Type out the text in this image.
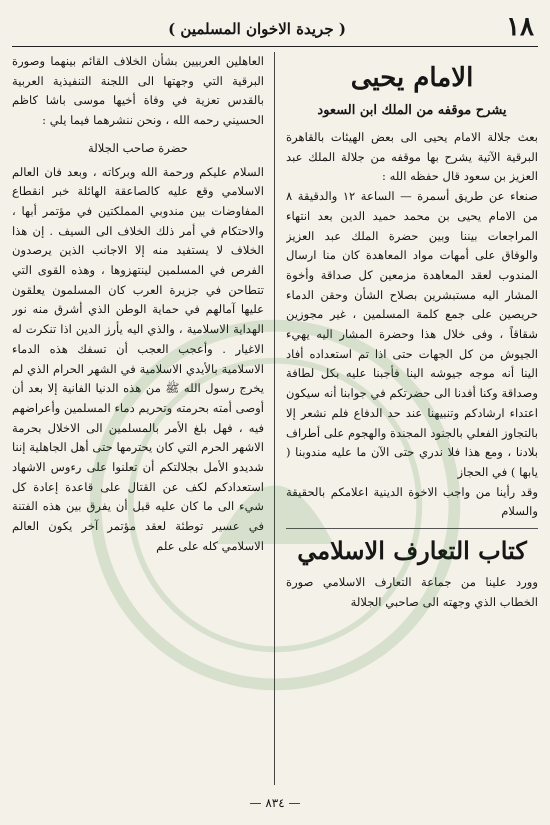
١٨
( جريدة الاخوان المسلمين )
الامام يحيى
يشرح موقفه من الملك ابن السعود

بعث جلالة الامام يحيى الى بعض الهيئات بالقاهرة البرقية الآتية يشرح بها موقفه من جلالة الملك عبد العزيز بن سعود قال حفظه الله :

صنعاء عن طريق أسمرة — الساعة ١٢ والدقيقة ٨ من الامام يحيى بن محمد حميد الدين بعد انتهاء المراجعات بيننا وبين حضرة الملك عبد العزيز والوفاق على أمهات مواد المعاهدة كان منا ارسال المندوب لعقد المعاهدة مزمعين كل صداقة وأخوة المشار اليه مستبشرين بصلاح الشأن وحقن الدماء حريصين على جمع كلمة المسلمين ، غير مجوزين شقاقاً ، وفى خلال هذا وحضرة المشار اليه يهيء الجيوش من كل الجهات حتى اذا تم استعداده أفاد الينا أنه موجه جيوشه الينا فأجبنا عليه بكل لطافة وصداقة وكنا أفدنا الى حضرتكم في جوابنا أنه سيكون اعتداء ارشادكم وتنبيهنا عند حد الدفاع فلم نشعر إلا بالتجاوز الفعلي بالجنود المجندة والهجوم على أطراف بلادنا ، ومع هذا فلا ندري حتى الآن ما عليه مندوبنا ( يابها ) في الحجاز

وقد رأينا من واجب الاخوة الدينية اعلامكم بالحقيقة والسلام

كتاب التعارف الاسلامي

وورد علينا من جماعة التعارف الاسلامي صورة الخطاب الذي وجهته الى صاحبي الجلالة

العاهلين العربيين بشأن الخلاف القائم بينهما وصورة البرقية التي وجهتها الى اللجنة التنفيذية العربية بالقدس تعزية في وفاة أخيها موسى باشا كاظم الحسيني رحمه الله ، ونحن ننشرهما فيما يلي :

حضرة صاحب الجلالة

السلام عليكم ورحمة الله وبركاته ، وبعد فان العالم الاسلامي وقع عليه كالصاعقة الهائلة خبر انقطاع المفاوضات بين مندوبي المملكتين في مؤتمر أبها ، والاحتكام في أمر ذلك الخلاف الى السيف . إن هذا الخلاف لا يستفيد منه إلا الاجانب الذين يرصدون الفرص في المسلمين لينتهزوها ، وهذه القوى التي تتطاحن في جزيرة العرب كان المسلمون يعلقون عليها آمالهم في حماية الوطن الذي أشرق منه نور الهداية الاسلامية ، والذي اليه يأرز الدين اذا تنكرت له الاغيار . وأعجب العجب أن تسفك هذه الدماء الاسلامية بالأيدي الاسلامية في الشهر الحرام الذي لم يخرج رسول الله ﷺ من هذه الدنيا الفانية إلا بعد أن أوصى أمته بحرمته وتحريم دماء المسلمين وأعراضهم فيه ، فهل بلغ الأمر بالمسلمين الى الاخلال بحرمة الاشهر الحرم التي كان يحترمها حتى أهل الجاهلية إننا شديدو الأمل بجلالتكم أن تعلنوا على رءوس الاشهاد استعدادكم لكف عن القتال على قاعدة إعادة كل شيء الى ما كان عليه قبل أن يفرق بين هذه الفتنة في عسير توطئة لعقد مؤتمر آخر يكون العالم الاسلامي كله على علم

— ٨٣٤ —
